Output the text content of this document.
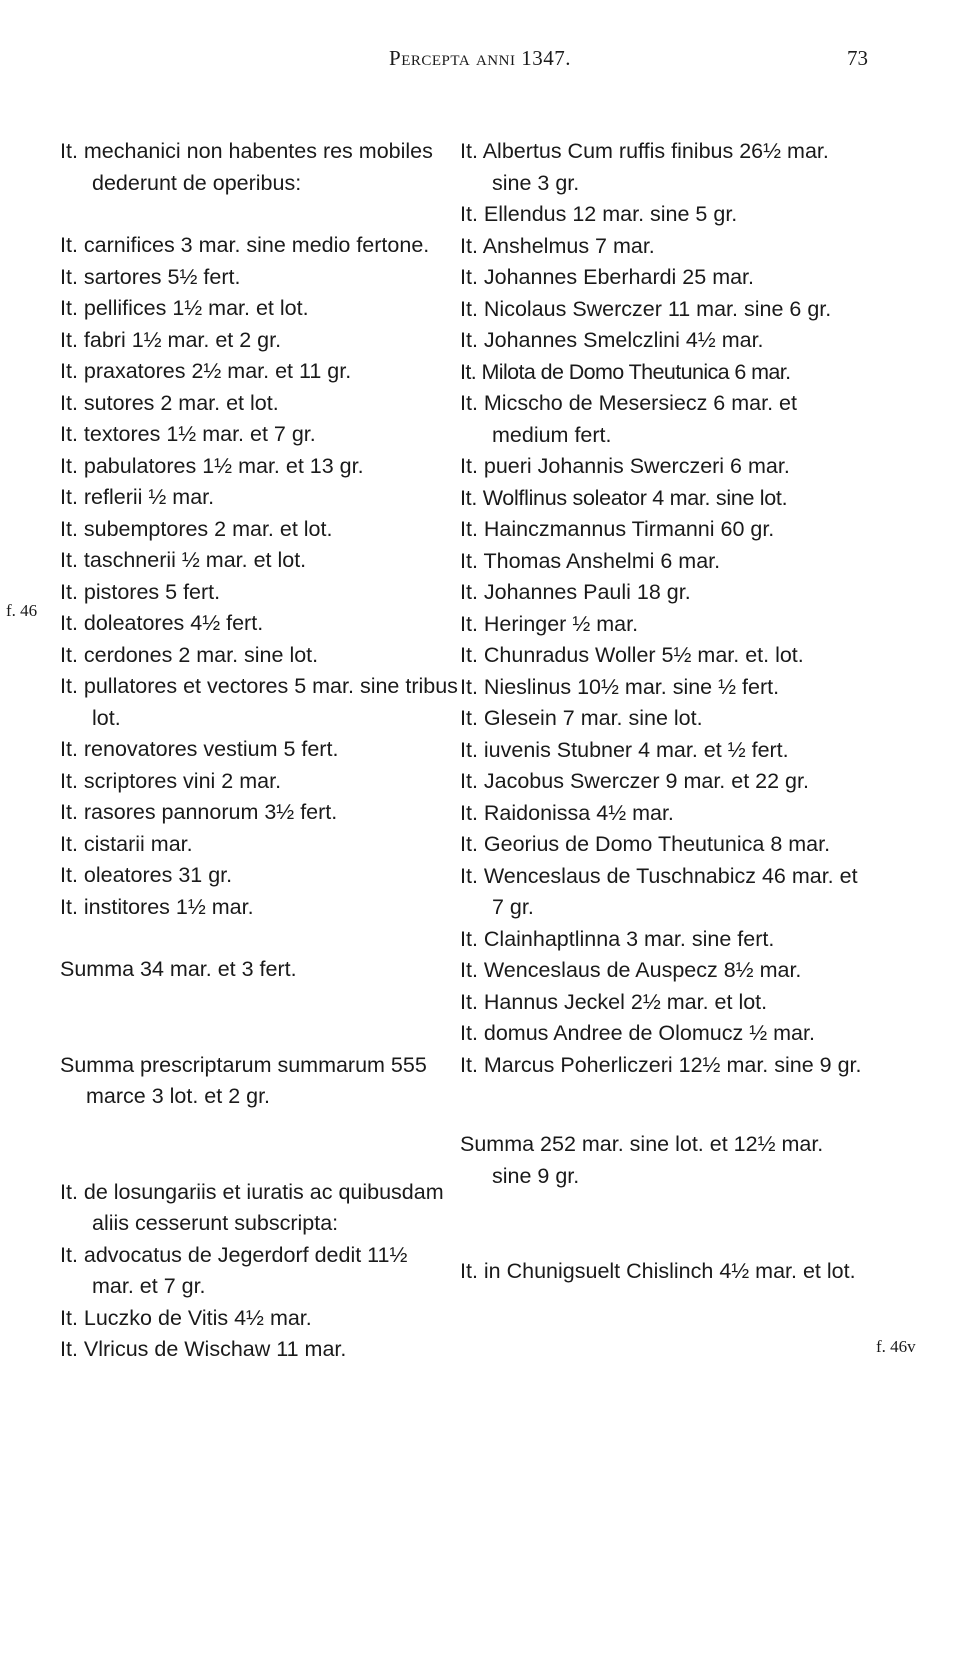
Percepta anni 1347.	73
f. 46
f. 46v
It. mechanici non habentes res mobiles dederunt de operibus:
It. carnifices 3 mar. sine medio fertone.
It. sartores 5½ fert.
It. pellifices 1½ mar. et lot.
It. fabri 1½ mar. et 2 gr.
It. praxatores 2½ mar. et 11 gr.
It. sutores 2 mar. et lot.
It. textores 1½ mar. et 7 gr.
It. pabulatores 1½ mar. et 13 gr.
It. reflerii ½ mar.
It. subemptores 2 mar. et lot.
It. taschnerii ½ mar. et lot.
It. pistores 5 fert.
It. doleatores 4½ fert.
It. cerdones 2 mar. sine lot.
It. pullatores et vectores 5 mar. sine tribus lot.
It. renovatores vestium 5 fert.
It. scriptores vini 2 mar.
It. rasores pannorum 3½ fert.
It. cistarii mar.
It. oleatores 31 gr.
It. institores 1½ mar.
Summa 34 mar. et 3 fert.
Summa prescriptarum summarum 555 marce 3 lot. et 2 gr.
It. de losungariis et iuratis ac quibusdam aliis cesserunt subscripta:
It. advocatus de Jegerdorf dedit 11½ mar. et 7 gr.
It. Luczko de Vitis 4½ mar.
It. Vlricus de Wischaw 11 mar.
It. Albertus Cum ruffis finibus 26½ mar. sine 3 gr.
It. Ellendus 12 mar. sine 5 gr.
It. Anshelmus 7 mar.
It. Johannes Eberhardi 25 mar.
It. Nicolaus Swerczer 11 mar. sine 6 gr.
It. Johannes Smelczlini 4½ mar.
It. Milota de Domo Theutunica 6 mar.
It. Micscho de Mesersiecz 6 mar. et medium fert.
It. pueri Johannis Swerczeri 6 mar.
It. Wolflinus soleator 4 mar. sine lot.
It. Hainczmannus Tirmanni 60 gr.
It. Thomas Anshelmi 6 mar.
It. Johannes Pauli 18 gr.
It. Heringer ½ mar.
It. Chunradus Woller 5½ mar. et. lot.
It. Nieslinus 10½ mar. sine ½ fert.
It. Glesein 7 mar. sine lot.
It. iuvenis Stubner 4 mar. et ½ fert.
It. Jacobus Swerczer 9 mar. et 22 gr.
It. Raidonissa 4½ mar.
It. Georius de Domo Theutunica 8 mar.
It. Wenceslaus de Tuschnabicz 46 mar. et 7 gr.
It. Clainhaptlinna 3 mar. sine fert.
It. Wenceslaus de Auspecz 8½ mar.
It. Hannus Jeckel 2½ mar. et lot.
It. domus Andree de Olomucz ½ mar.
It. Marcus Poherliczeri 12½ mar. sine 9 gr.
Summa 252 mar. sine lot. et 12½ mar. sine 9 gr.
It. in Chunigsuelt Chislinch 4½ mar. et lot.
